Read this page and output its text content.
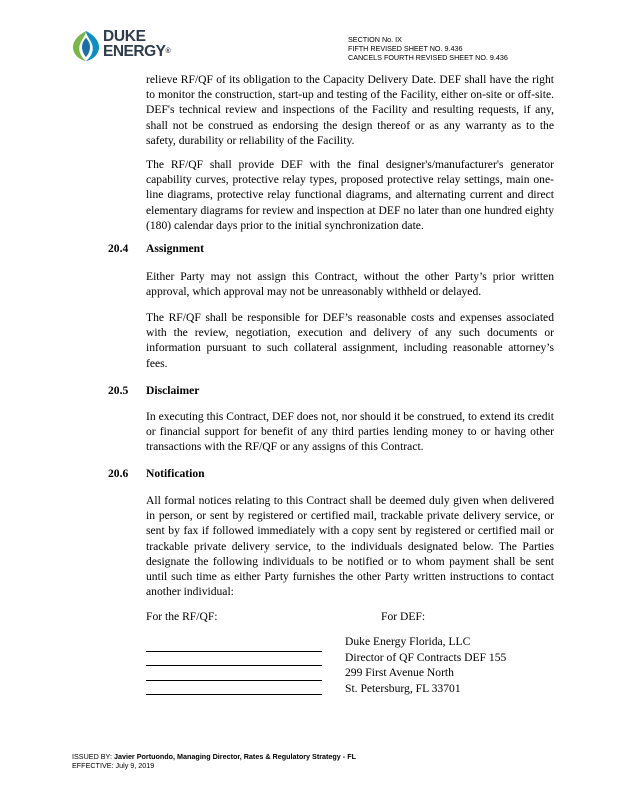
DUKE
ENERGY®
SECTION No. IX
FIFTH REVISED SHEET NO. 9.436
CANCELS FOURTH REVISED SHEET NO. 9.436

relieve RF/QF of its obligation to the Capacity Delivery Date. DEF shall have the right to monitor the construction, start-up and testing of the Facility, either on-site or off-site. DEF's technical review and inspections of the Facility and resulting requests, if any, shall not be construed as endorsing the design thereof or as any warranty as to the safety, durability or reliability of the Facility.

The RF/QF shall provide DEF with the final designer's/manufacturer's generator capability curves, protective relay types, proposed protective relay settings, main one-line diagrams, protective relay functional diagrams, and alternating current and direct elementary diagrams for review and inspection at DEF no later than one hundred eighty (180) calendar days prior to the initial synchronization date.

20.4 Assignment

Either Party may not assign this Contract, without the other Party’s prior written approval, which approval may not be unreasonably withheld or delayed.

The RF/QF shall be responsible for DEF’s reasonable costs and expenses associated with the review, negotiation, execution and delivery of any such documents or information pursuant to such collateral assignment, including reasonable attorney’s fees.

20.5 Disclaimer

In executing this Contract, DEF does not, nor should it be construed, to extend its credit or financial support for benefit of any third parties lending money to or having other transactions with the RF/QF or any assigns of this Contract.

20.6 Notification

All formal notices relating to this Contract shall be deemed duly given when delivered in person, or sent by registered or certified mail, trackable private delivery service, or sent by fax if followed immediately with a copy sent by registered or certified mail or trackable private delivery service, to the individuals designated below. The Parties designate the following individuals to be notified or to whom payment shall be sent until such time as either Party furnishes the other Party written instructions to contact another individual:

For the RF/QF:	For DEF:
Duke Energy Florida, LLC
Director of QF Contracts DEF 155
299 First Avenue North
St. Petersburg, FL 33701
ISSUED BY: Javier Portuondo, Managing Director, Rates & Regulatory Strategy - FL
EFFECTIVE: July 9, 2019
